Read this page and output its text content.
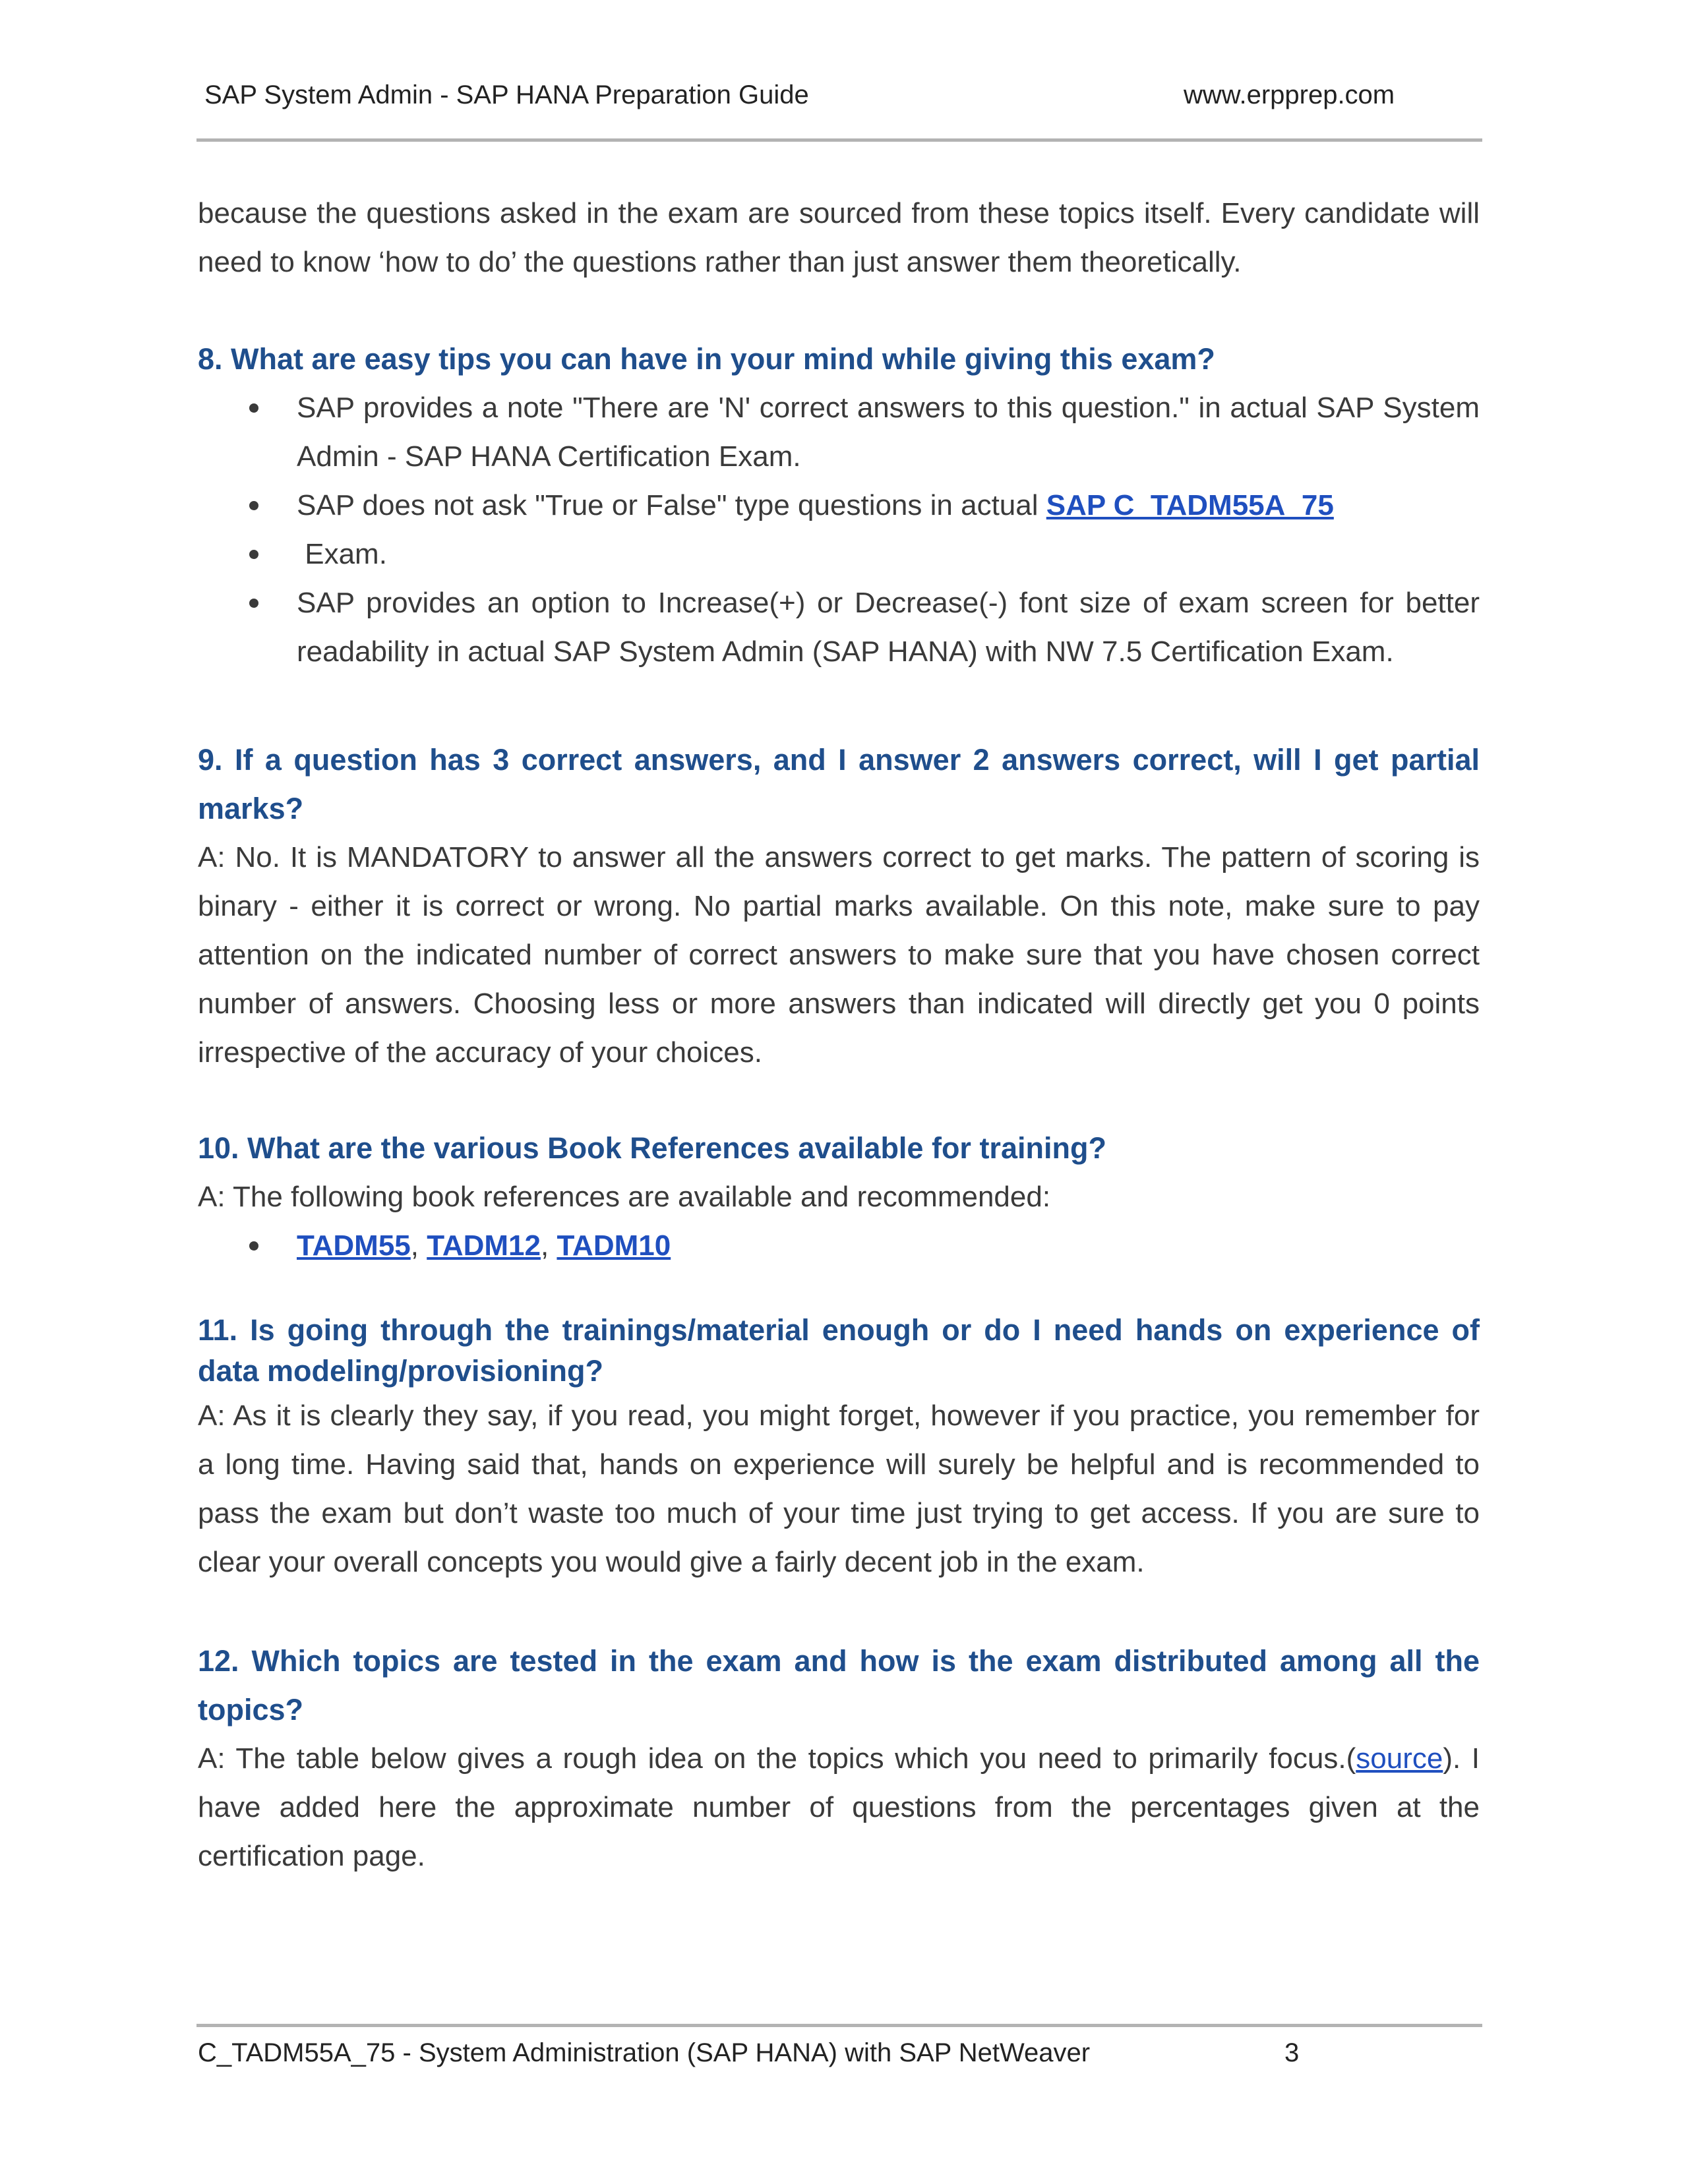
SAP System Admin - SAP HANA Preparation Guide	www.erpprep.com

because the questions asked in the exam are sourced from these topics itself. Every candidate will need to know ‘how to do’ the questions rather than just answer them theoretically.

8. What are easy tips you can have in your mind while giving this exam?

SAP provides a note "There are 'N' correct answers to this question." in actual SAP System Admin - SAP HANA Certification Exam.
SAP does not ask "True or False" type questions in actual SAP C_TADM55A_75
Exam.
SAP provides an option to Increase(+) or Decrease(-) font size of exam screen for better readability in actual SAP System Admin (SAP HANA) with NW 7.5 Certification Exam.

9. If a question has 3 correct answers, and I answer 2 answers correct, will I get partial marks?

A: No. It is MANDATORY to answer all the answers correct to get marks. The pattern of scoring is binary - either it is correct or wrong. No partial marks available. On this note, make sure to pay attention on the indicated number of correct answers to make sure that you have chosen correct number of answers. Choosing less or more answers than indicated will directly get you 0 points irrespective of the accuracy of your choices.

10. What are the various Book References available for training?

A: The following book references are available and recommended:

TADM55, TADM12, TADM10

11. Is going through the trainings/material enough or do I need hands on experience of data modeling/provisioning?

A: As it is clearly they say, if you read, you might forget, however if you practice, you remember for a long time. Having said that, hands on experience will surely be helpful and is recommended to pass the exam but don’t waste too much of your time just trying to get access. If you are sure to clear your overall concepts you would give a fairly decent job in the exam.

12. Which topics are tested in the exam and how is the exam distributed among all the topics?

A: The table below gives a rough idea on the topics which you need to primarily focus.(source). I have added here the approximate number of questions from the percentages given at the certification page.

C_TADM55A_75 - System Administration (SAP HANA) with SAP NetWeaver	3
